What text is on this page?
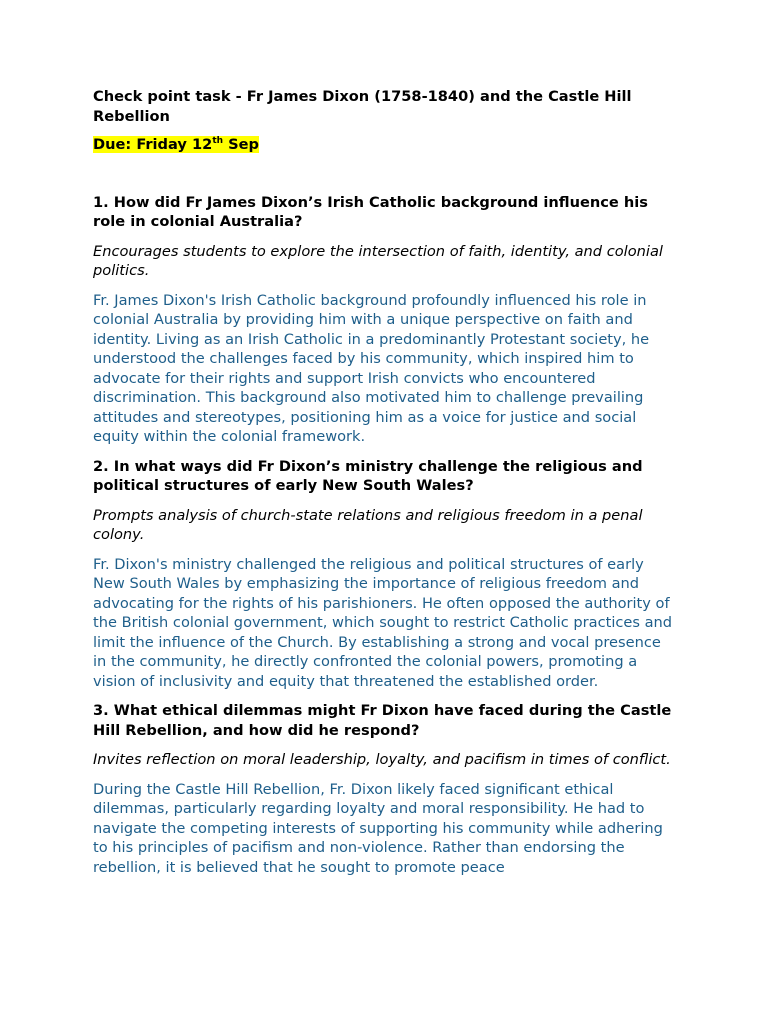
Check point task - Fr James Dixon (1758-1840) and the Castle Hill Rebellion

Due: Friday 12th Sep

1. How did Fr James Dixon’s Irish Catholic background influence his role in colonial Australia?

Encourages students to explore the intersection of faith, identity, and colonial politics.

Fr. James Dixon's Irish Catholic background profoundly influenced his role in colonial Australia by providing him with a unique perspective on faith and identity. Living as an Irish Catholic in a predominantly Protestant society, he understood the challenges faced by his community, which inspired him to advocate for their rights and support Irish convicts who encountered discrimination. This background also motivated him to challenge prevailing attitudes and stereotypes, positioning him as a voice for justice and social equity within the colonial framework.

2. In what ways did Fr Dixon’s ministry challenge the religious and political structures of early New South Wales?

Prompts analysis of church-state relations and religious freedom in a penal colony.

Fr. Dixon's ministry challenged the religious and political structures of early New South Wales by emphasizing the importance of religious freedom and advocating for the rights of his parishioners. He often opposed the authority of the British colonial government, which sought to restrict Catholic practices and limit the influence of the Church. By establishing a strong and vocal presence in the community, he directly confronted the colonial powers, promoting a vision of inclusivity and equity that threatened the established order.

3. What ethical dilemmas might Fr Dixon have faced during the Castle Hill Rebellion, and how did he respond?

Invites reflection on moral leadership, loyalty, and pacifism in times of conflict.

During the Castle Hill Rebellion, Fr. Dixon likely faced significant ethical dilemmas, particularly regarding loyalty and moral responsibility. He had to navigate the competing interests of supporting his community while adhering to his principles of pacifism and non-violence. Rather than endorsing the rebellion, it is believed that he sought to promote peace
